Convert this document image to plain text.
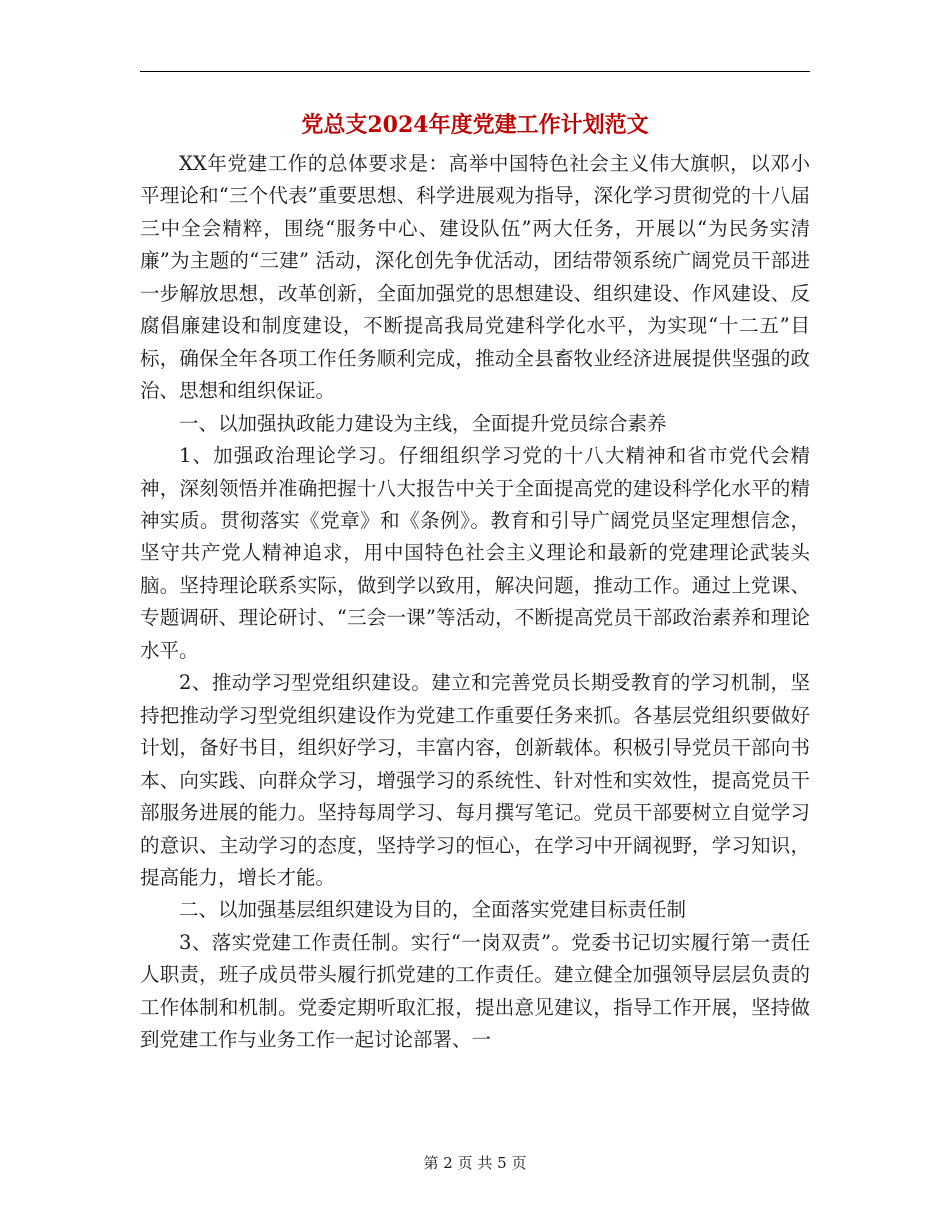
党总支2024年度党建工作计划范文

XX年党建工作的总体要求是：高举中国特色社会主义伟大旗帜，以邓小平理论和“三个代表”重要思想、科学进展观为指导，深化学习贯彻党的十八届三中全会精粹，围绕“服务中心、建设队伍”两大任务，开展以“为民务实清廉”为主题的“三建” 活动，深化创先争优活动，团结带领系统广阔党员干部进一步解放思想，改革创新，全面加强党的思想建设、组织建设、作风建设、反腐倡廉建设和制度建设，不断提高我局党建科学化水平，为实现“十二五”目标，确保全年各项工作任务顺利完成，推动全县畜牧业经济进展提供坚强的政治、思想和组织保证。

一、以加强执政能力建设为主线，全面提升党员综合素养

1、加强政治理论学习。仔细组织学习党的十八大精神和省市党代会精神，深刻领悟并准确把握十八大报告中关于全面提高党的建设科学化水平的精神实质。贯彻落实《党章》和《条例》。教育和引导广阔党员坚定理想信念，坚守共产党人精神追求，用中国特色社会主义理论和最新的党建理论武装头脑。坚持理论联系实际，做到学以致用，解决问题，推动工作。通过上党课、专题调研、理论研讨、“三会一课”等活动，不断提高党员干部政治素养和理论水平。

2、推动学习型党组织建设。建立和完善党员长期受教育的学习机制，坚持把推动学习型党组织建设作为党建工作重要任务来抓。各基层党组织要做好计划，备好书目，组织好学习，丰富内容，创新载体。积极引导党员干部向书本、向实践、向群众学习，增强学习的系统性、针对性和实效性，提高党员干部服务进展的能力。坚持每周学习、每月撰写笔记。党员干部要树立自觉学习的意识、主动学习的态度，坚持学习的恒心，在学习中开阔视野，学习知识，提高能力，增长才能。

二、以加强基层组织建设为目的，全面落实党建目标责任制

3、落实党建工作责任制。实行“一岗双责”。党委书记切实履行第一责任人职责，班子成员带头履行抓党建的工作责任。建立健全加强领导层层负责的工作体制和机制。党委定期听取汇报，提出意见建议，指导工作开展，坚持做到党建工作与业务工作一起讨论部署、一

第 2 页 共 5 页
